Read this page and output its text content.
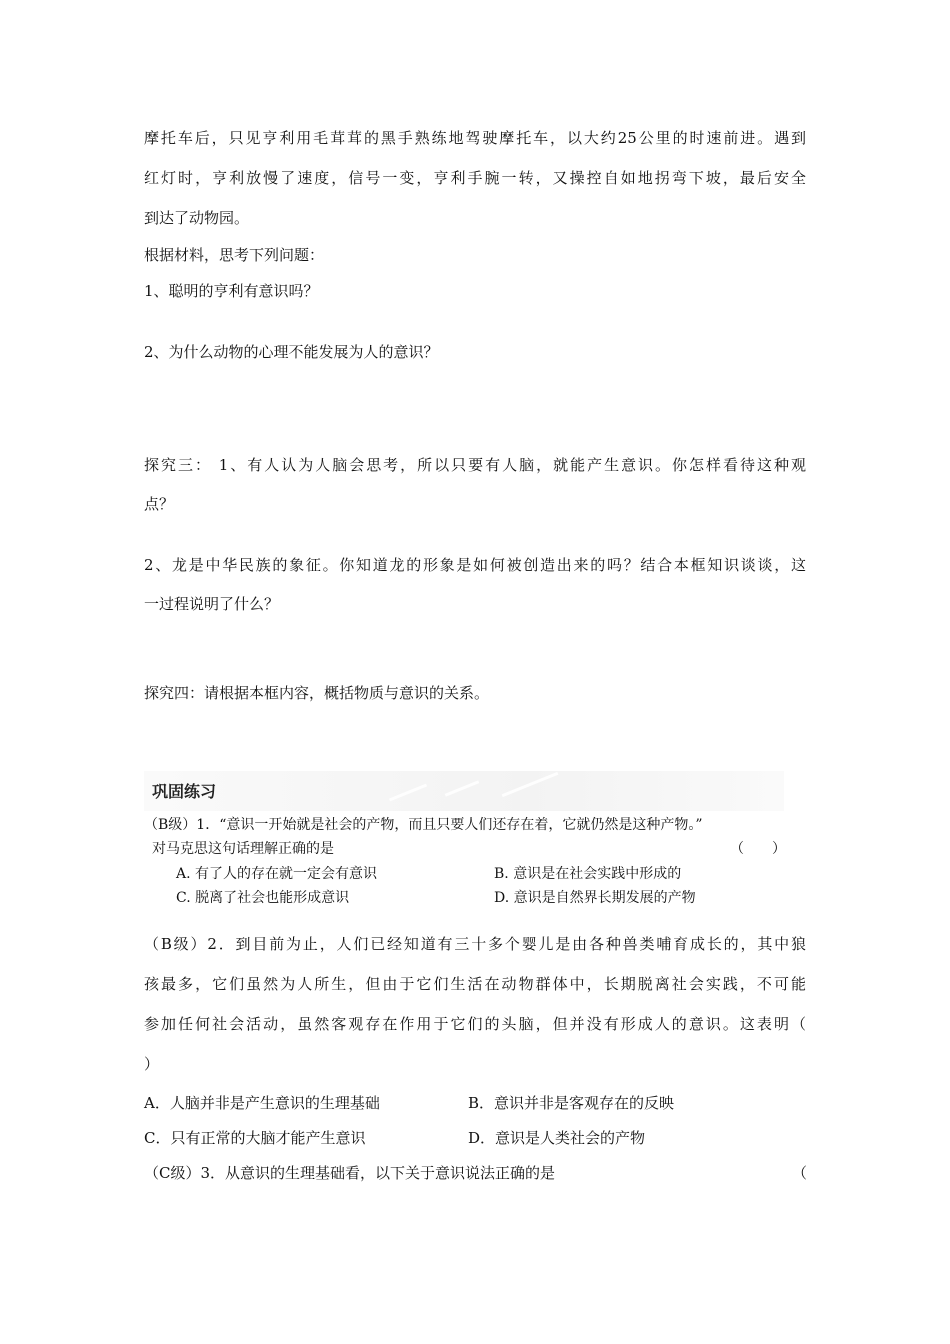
摩托车后，只见亨利用毛茸茸的黑手熟练地驾驶摩托车，以大约25公里的时速前进。遇到
红灯时，亨利放慢了速度，信号一变，亨利手腕一转，又操控自如地拐弯下坡，最后安全
到达了动物园。
根据材料，思考下列问题：
1、聪明的亨利有意识吗？
2、为什么动物的心理不能发展为人的意识？
探究三： 1、有人认为人脑会思考，所以只要有人脑，就能产生意识。你怎样看待这种观
点？
2、龙是中华民族的象征。你知道龙的形象是如何被创造出来的吗？结合本框知识谈谈，这
一过程说明了什么？
探究四：请根据本框内容，概括物质与意识的关系。
巩固练习
（B级）1．“意识一开始就是社会的产物，而且只要人们还存在着，它就仍然是这种产物。”
对马克思这句话理解正确的是	（　　）
A. 有了人的存在就一定会有意识	B. 意识是在社会实践中形成的
C. 脱离了社会也能形成意识	D. 意识是自然界长期发展的产物
（B级）2．到目前为止，人们已经知道有三十多个婴儿是由各种兽类哺育成长的，其中狼
孩最多，它们虽然为人所生，但由于它们生活在动物群体中，长期脱离社会实践，不可能
参加任何社会活动，虽然客观存在作用于它们的头脑，但并没有形成人的意识。这表明（
）
A．人脑并非是产生意识的生理基础	B．意识并非是客观存在的反映
C．只有正常的大脑才能产生意识	D．意识是人类社会的产物
（C级）3．从意识的生理基础看，以下关于意识说法正确的是	（
